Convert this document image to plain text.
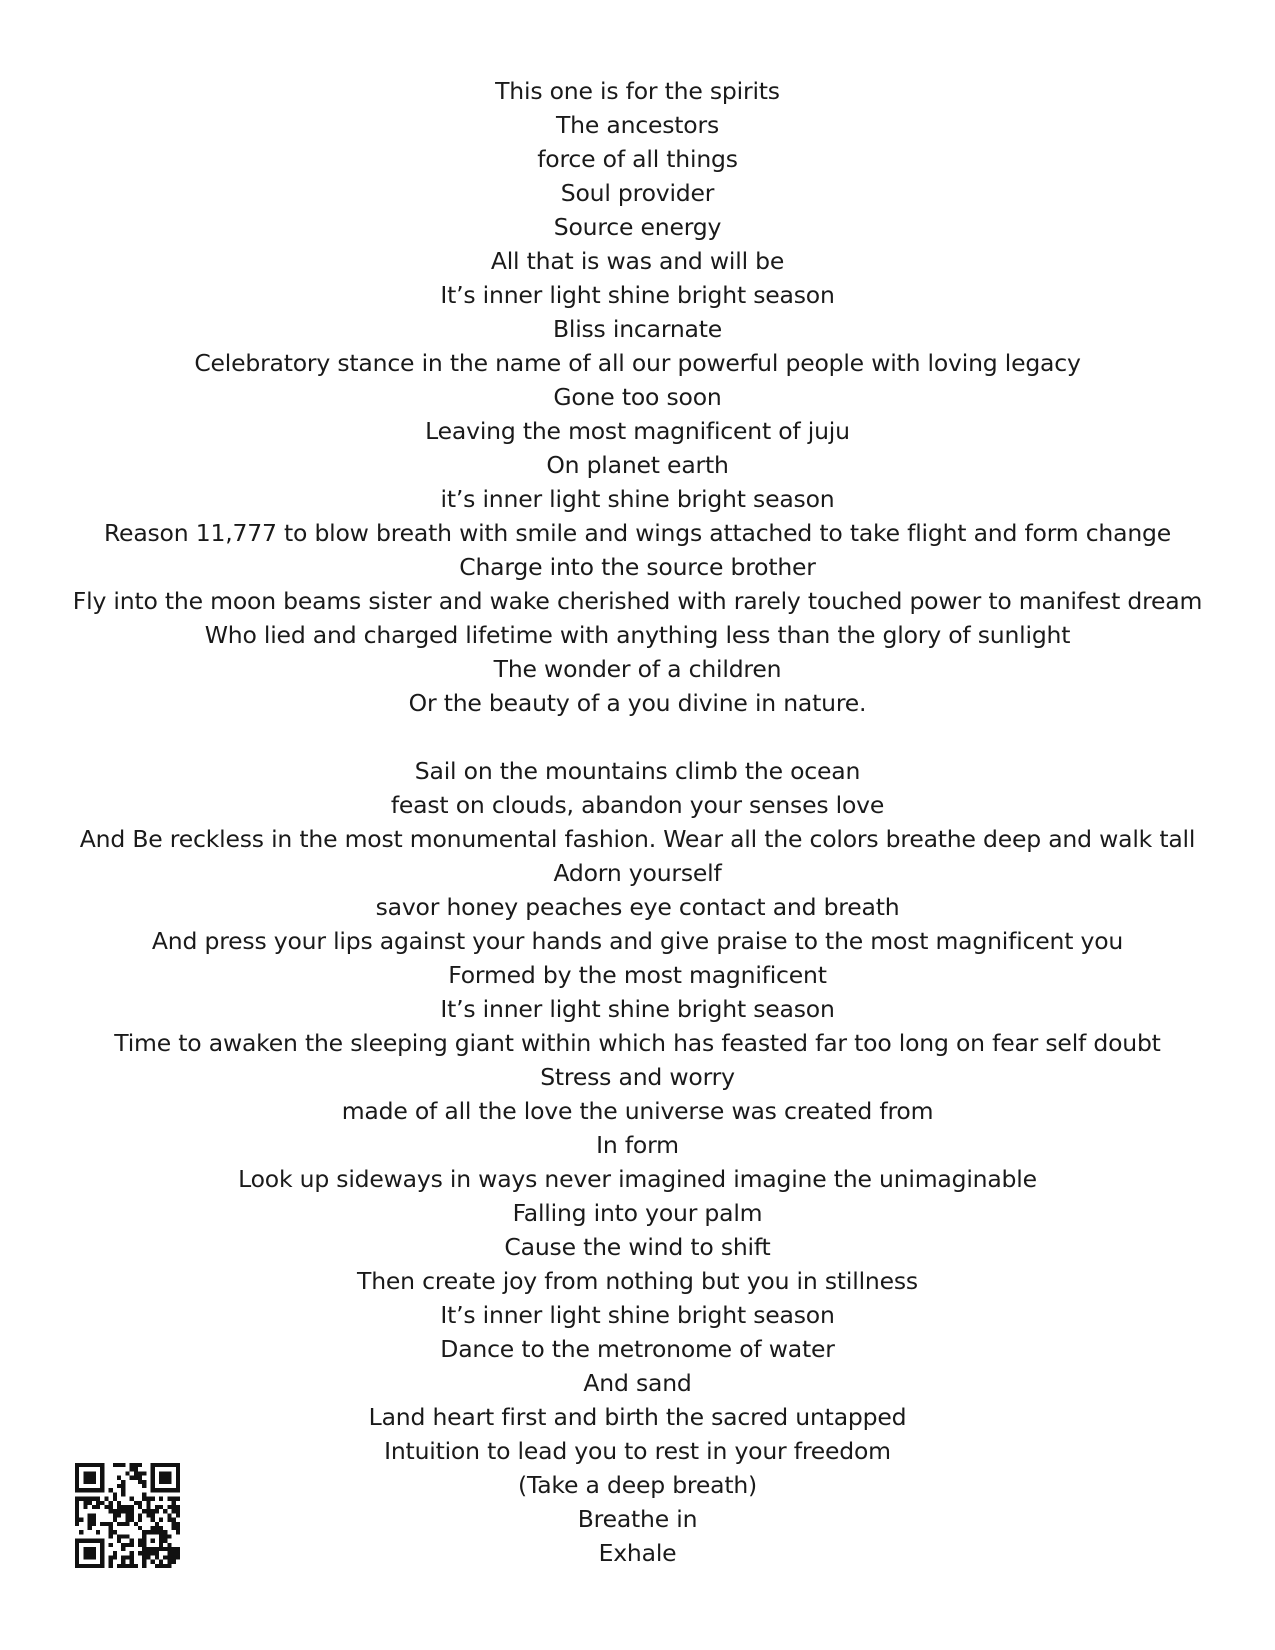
This one is for the spirits
The ancestors
force of all things
Soul provider
Source energy
All that is was and will be
It’s inner light shine bright season
Bliss incarnate
Celebratory stance in the name of all our powerful people with loving legacy
Gone too soon
Leaving the most magnificent of juju
On planet earth
it’s inner light shine bright season
Reason 11,777 to blow breath with smile and wings attached to take flight and form change
Charge into the source brother
Fly into the moon beams sister and wake cherished with rarely touched power to manifest dream
Who lied and charged lifetime with anything less than the glory of sunlight
The wonder of a children
Or the beauty of a you divine in nature.
Sail on the mountains climb the ocean
feast on clouds, abandon your senses love
And Be reckless in the most monumental fashion. Wear all the colors breathe deep and walk tall
Adorn yourself
savor honey peaches eye contact and breath
And press your lips against your hands and give praise to the most magnificent you
Formed by the most magnificent
It’s inner light shine bright season
Time to awaken the sleeping giant within which has feasted far too long on fear self doubt
Stress and worry
made of all the love the universe was created from
In form
Look up sideways in ways never imagined imagine the unimaginable
Falling into your palm
Cause the wind to shift
Then create joy from nothing but you in stillness
It’s inner light shine bright season
Dance to the metronome of water
And sand
Land heart first and birth the sacred untapped
Intuition to lead you to rest in your freedom
(Take a deep breath)
Breathe in
Exhale
